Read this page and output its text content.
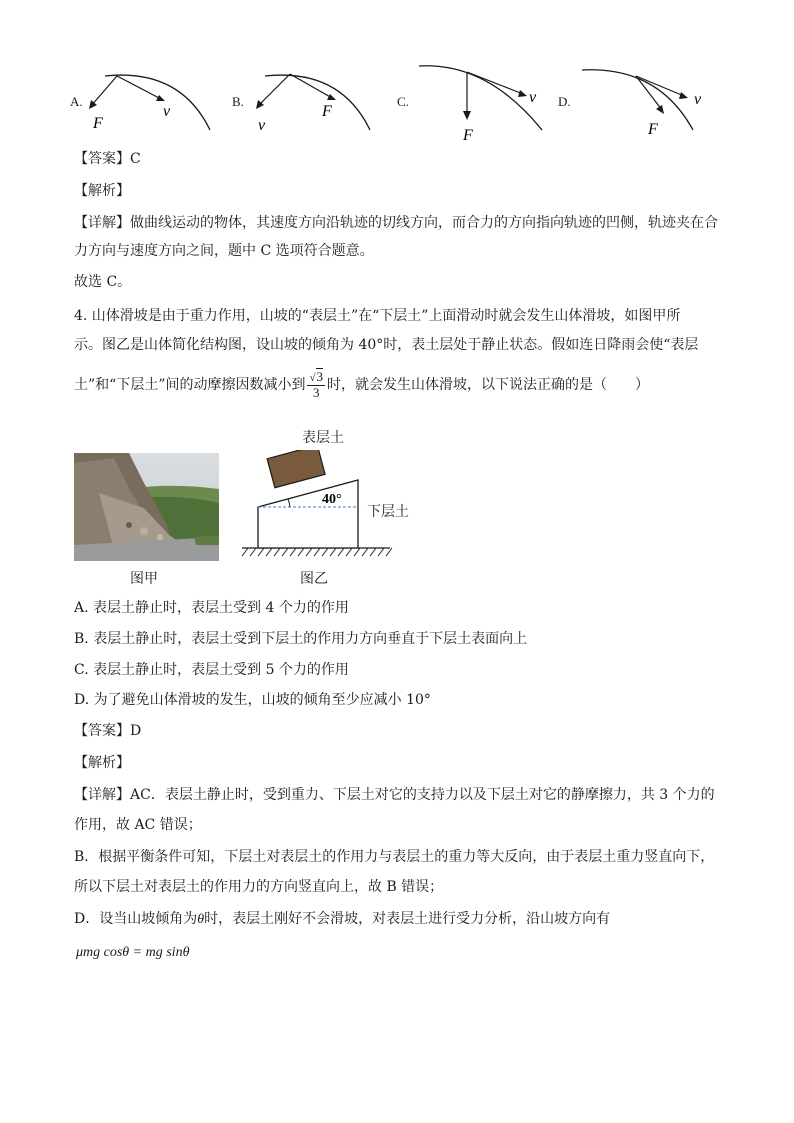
A.
F
v
B.
v
F
C.
F
v D.
F
v
【答案】C
【解析】
【详解】做曲线运动的物体，其速度方向沿轨迹的切线方向，而合力的方向指向轨迹的凹侧，轨迹夹在合
力方向与速度方向之间，题中 C 选项符合题意。
故选 C。
4. 山体滑坡是由于重力作用，山坡的“表层土”在“下层土”上面滑动时就会发生山体滑坡，如图甲所
示。图乙是山体简化结构图，设山坡的倾角为 40°时，表土层处于静止状态。假如连日降雨会使“表层
土”和“下层土”间的动摩擦因数减小到 $\frac{√3}{3}$ 时，就会发生山体滑坡，以下说法正确的是（　　）
表层土
40°
下层土
图甲	图乙
A. 表层土静止时，表层土受到 4 个力的作用
B. 表层土静止时，表层土受到下层土的作用力方向垂直于下层土表面向上
C. 表层土静止时，表层土受到 5 个力的作用
D. 为了避免山体滑坡的发生，山坡的倾角至少应减小 10°
【答案】D
【解析】
【详解】AC．表层土静止时，受到重力、下层土对它的支持力以及下层土对它的静摩擦力，共 3 个力的
作用，故 AC 错误；
B．根据平衡条件可知，下层土对表层土的作用力与表层土的重力等大反向，由于表层土重力竖直向下，
所以下层土对表层土的作用力的方向竖直向上，故 B 错误；
D．设当山坡倾角为θ时，表层土刚好不会滑坡，对表层土进行受力分析，沿山坡方向有
μmg cosθ = mg sinθ
